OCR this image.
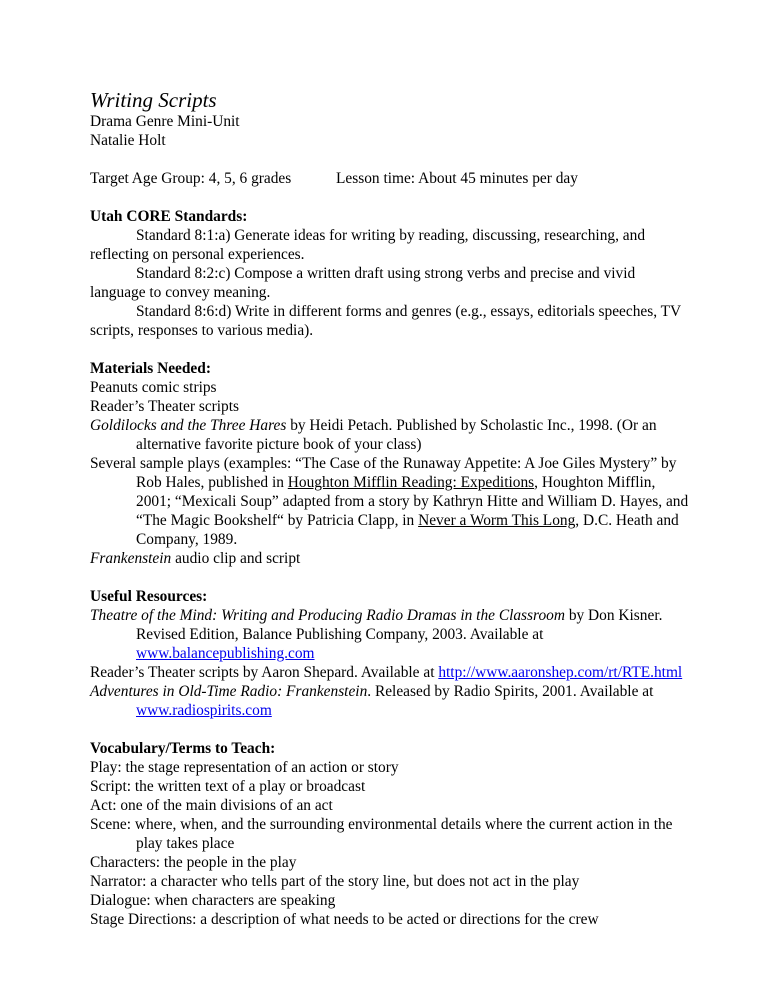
Writing Scripts

Drama Genre Mini-Unit

Natalie Holt

Target Age Group: 4, 5, 6 grades	Lesson time: About 45 minutes per day

Utah CORE Standards:

Standard 8:1:a) Generate ideas for writing by reading, discussing, researching, and reflecting on personal experiences.

Standard 8:2:c) Compose a written draft using strong verbs and precise and vivid language to convey meaning.

Standard 8:6:d) Write in different forms and genres (e.g., essays, editorials speeches, TV scripts, responses to various media).

Materials Needed:

Peanuts comic strips

Reader’s Theater scripts

Goldilocks and the Three Hares by Heidi Petach. Published by Scholastic Inc., 1998. (Or an alternative favorite picture book of your class)

Several sample plays (examples: “The Case of the Runaway Appetite: A Joe Giles Mystery” by Rob Hales, published in Houghton Mifflin Reading: Expeditions, Houghton Mifflin, 2001; “Mexicali Soup” adapted from a story by Kathryn Hitte and William D. Hayes, and “The Magic Bookshelf“ by Patricia Clapp, in Never a Worm This Long, D.C. Heath and Company, 1989.

Frankenstein audio clip and script

Useful Resources:

Theatre of the Mind: Writing and Producing Radio Dramas in the Classroom by Don Kisner. Revised Edition, Balance Publishing Company, 2003. Available at
www.balancepublishing.com

Reader’s Theater scripts by Aaron Shepard. Available at http://www.aaronshep.com/rt/RTE.html

Adventures in Old-Time Radio: Frankenstein. Released by Radio Spirits, 2001. Available at
www.radiospirits.com

Vocabulary/Terms to Teach:

Play: the stage representation of an action or story

Script: the written text of a play or broadcast

Act: one of the main divisions of an act

Scene: where, when, and the surrounding environmental details where the current action in the play takes place

Characters: the people in the play

Narrator: a character who tells part of the story line, but does not act in the play

Dialogue: when characters are speaking

Stage Directions: a description of what needs to be acted or directions for the crew
